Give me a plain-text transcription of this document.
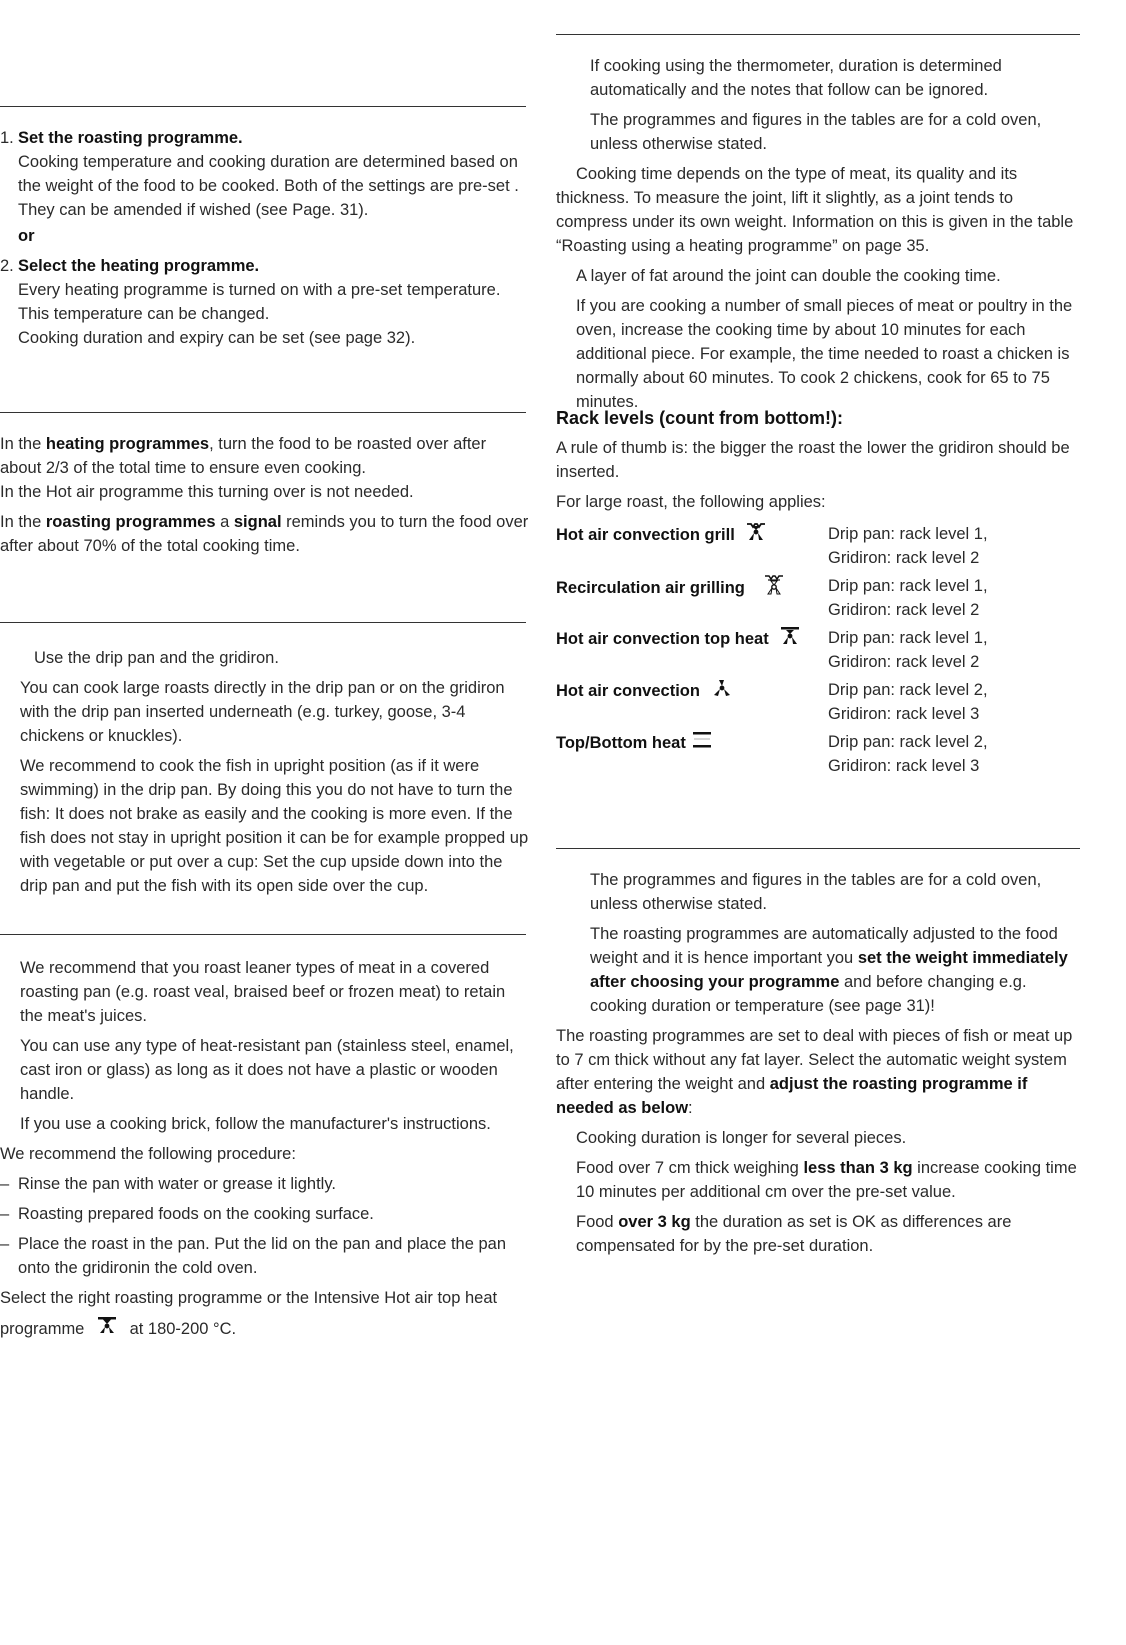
1. Set the roasting programme.

Cooking temperature and cooking duration are determined based on the weight of the food to be cooked. Both of the settings are pre-set . They can be amended if wished (see Page. 31).

or

2. Select the heating programme.

Every heating programme is turned on with a pre-set temperature. This temperature can be changed.

Cooking duration and expiry can be set (see page 32).

In the heating programmes, turn the food to be roasted over after about 2/3 of the total time to ensure even cooking.

In the Hot air programme this turning over is not needed.

In the roasting programmes a signal reminds you to turn the food over after about 70% of the total cooking time.

Use the drip pan and the gridiron.

You can cook large roasts directly in the drip pan or on the gridiron with the drip pan inserted underneath (e.g. turkey, goose, 3-4 chickens or knuckles).

We recommend to cook the fish in upright position (as if it were swimming) in the drip pan. By doing this you do not have to turn the fish: It does not brake as easily and the cooking is more even. If the fish does not stay in upright position it can be for example propped up with vegetable or put over a cup: Set the cup upside down into the drip pan and put the fish with its open side over the cup.

We recommend that you roast leaner types of meat in a covered roasting pan (e.g. roast veal, braised beef or frozen meat) to retain the meat's juices.

You can use any type of heat-resistant pan (stainless steel, enamel, cast iron or glass) as long as it does not have a plastic or wooden handle.

If you use a cooking brick, follow the manufacturer's instructions.

We recommend the following procedure:

– Rinse the pan with water or grease it lightly.
– Roasting prepared foods on the cooking surface.
– Place the roast in the pan. Put the lid on the pan and place the pan onto the gridironin the cold oven.

Select the right roasting programme or the Intensive Hot air top heat

programme	at 180-200 °C.

If cooking using the thermometer, duration is determined automatically and the notes that follow can be ignored.

The programmes and figures in the tables are for a cold oven, unless otherwise stated.

Cooking time depends on the type of meat, its quality and its thickness. To measure the joint, lift it slightly, as a joint tends to compress under its own weight. Information on this is given in the table “Roasting using a heating programme” on page 35.

A layer of fat around the joint can double the cooking time.

If you are cooking a number of small pieces of meat or poultry in the oven, increase the cooking time by about 10 minutes for each additional piece. For example, the time needed to roast a chicken is normally about 60 minutes. To cook 2 chickens, cook for 65 to 75 minutes.

Rack levels (count from bottom!):

A rule of thumb is: the bigger the roast the lower the gridiron should be inserted.

For large roast, the following applies:

Hot air convection grill	Drip pan: rack level 1,
Gridiron: rack level 2

Recirculation air grilling	Drip pan: rack level 1,
Gridiron: rack level 2

Hot air convection top heat	Drip pan: rack level 1,
Gridiron: rack level 2

Hot air convection	Drip pan: rack level 2,
Gridiron: rack level 3

Top/Bottom heat	Drip pan: rack level 2,
Gridiron: rack level 3

The programmes and figures in the tables are for a cold oven, unless otherwise stated.

The roasting programmes are automatically adjusted to the food weight and it is hence important you set the weight immediately after choosing your programme and before changing e.g. cooking duration or temperature (see page 31)!

The roasting programmes are set to deal with pieces of fish or meat up to 7 cm thick without any fat layer. Select the automatic weight system after entering the weight and adjust the roasting programme if needed as below:

Cooking duration is longer for several pieces.

Food over 7 cm thick weighing less than 3 kg increase cooking time 10 minutes per additional cm over the pre-set value.

Food over 3 kg the duration as set is OK as differences are compensated for by the pre-set duration.
